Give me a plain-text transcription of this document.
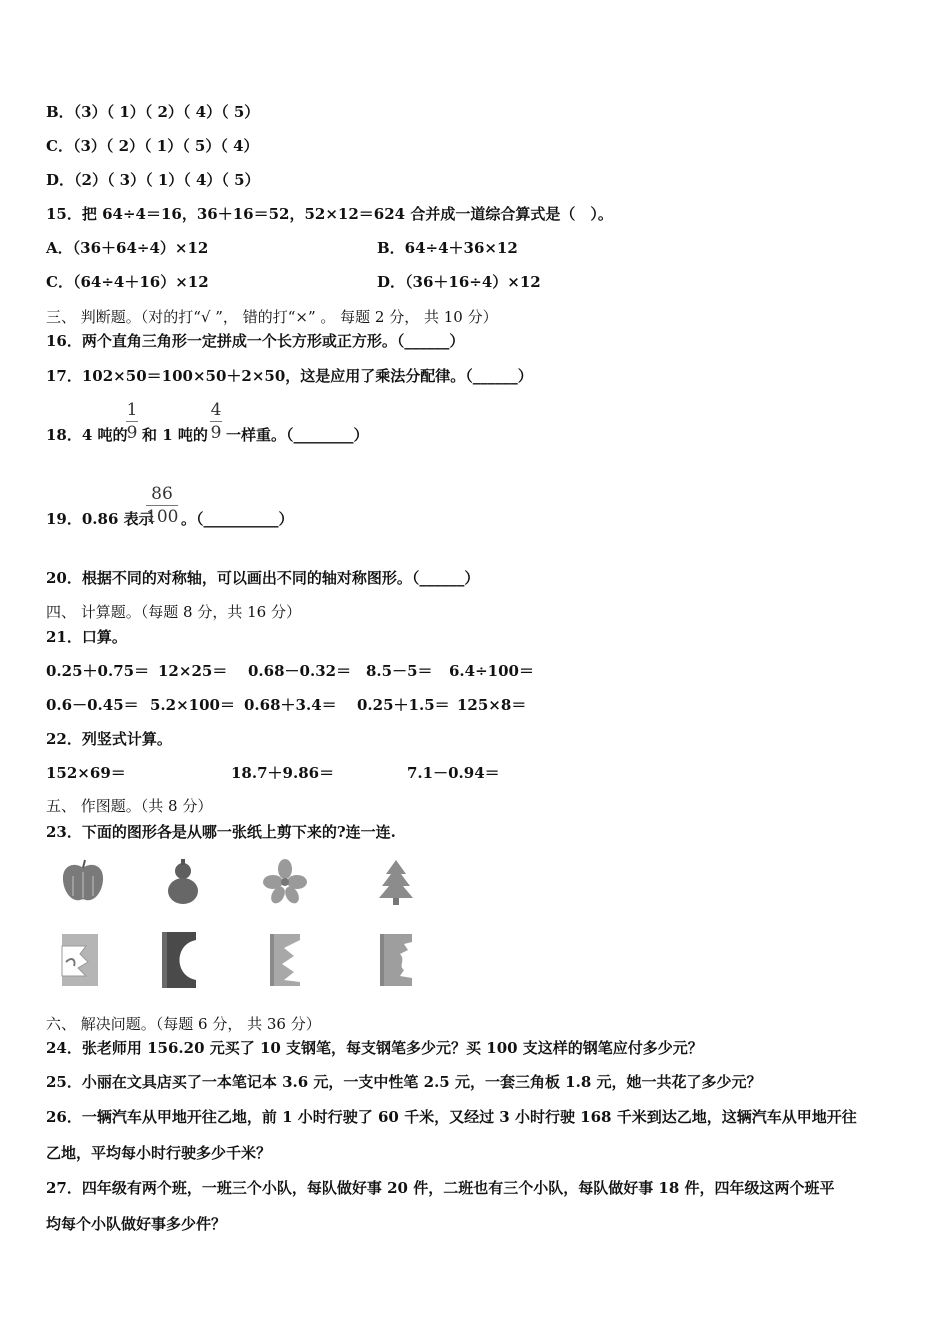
B．（3）（ 1）（ 2）（ 4）（ 5）
C．（3）（ 2）（ 1）（ 5）（ 4）
D．（2）（ 3）（ 1）（ 4）（ 5）
15．把 64÷4＝16，36＋16＝52，52×12＝624 合并成一道综合算式是（　）。
A．（36＋64÷4）×12	B．64÷4＋36×12
C．（64÷4＋16）×12	D．（36＋16÷4）×12
三、 判断题。（对的打“√ ”， 错的打“×” 。 每题 2 分， 共 10 分）
16．两个直角三角形一定拼成一个长方形或正方形。（______）
17．102×50＝100×50＋2×50，这是应用了乘法分配律。（______）
18．4 吨的
1
9 和 1 吨的
4
9 一样重。（________）
19．0.86 表示
86
100 。（__________）
20．根据不同的对称轴，可以画出不同的轴对称图形。（______）
四、 计算题。（每题 8 分，共 16 分）
21．口算。
0.25＋0.75＝ 12×25＝ 0.68－0.32＝ 8.5－5＝ 6.4÷100＝
0.6－0.45＝ 5.2×100＝ 0.68＋3.4＝ 0.25＋1.5＝ 125×8＝
22．列竖式计算。
152×69＝	18.7＋9.86＝	7.1－0.94＝
五、 作图题。（共 8 分）
23．下面的图形各是从哪一张纸上剪下来的?连一连.
六、 解决问题。（每题 6 分， 共 36 分）
24．张老师用 156.20 元买了 10 支钢笔，每支钢笔多少元？买 100 支这样的钢笔应付多少元？
25．小丽在文具店买了一本笔记本 3.6 元，一支中性笔 2.5 元，一套三角板 1.8 元，她一共花了多少元？
26．一辆汽车从甲地开往乙地，前 1 小时行驶了 60 千米，又经过 3 小时行驶 168 千米到达乙地，这辆汽车从甲地开往
乙地，平均每小时行驶多少千米？
27．四年级有两个班，一班三个小队，每队做好事 20 件，二班也有三个小队，每队做好事 18 件，四年级这两个班平
均每个小队做好事多少件？
